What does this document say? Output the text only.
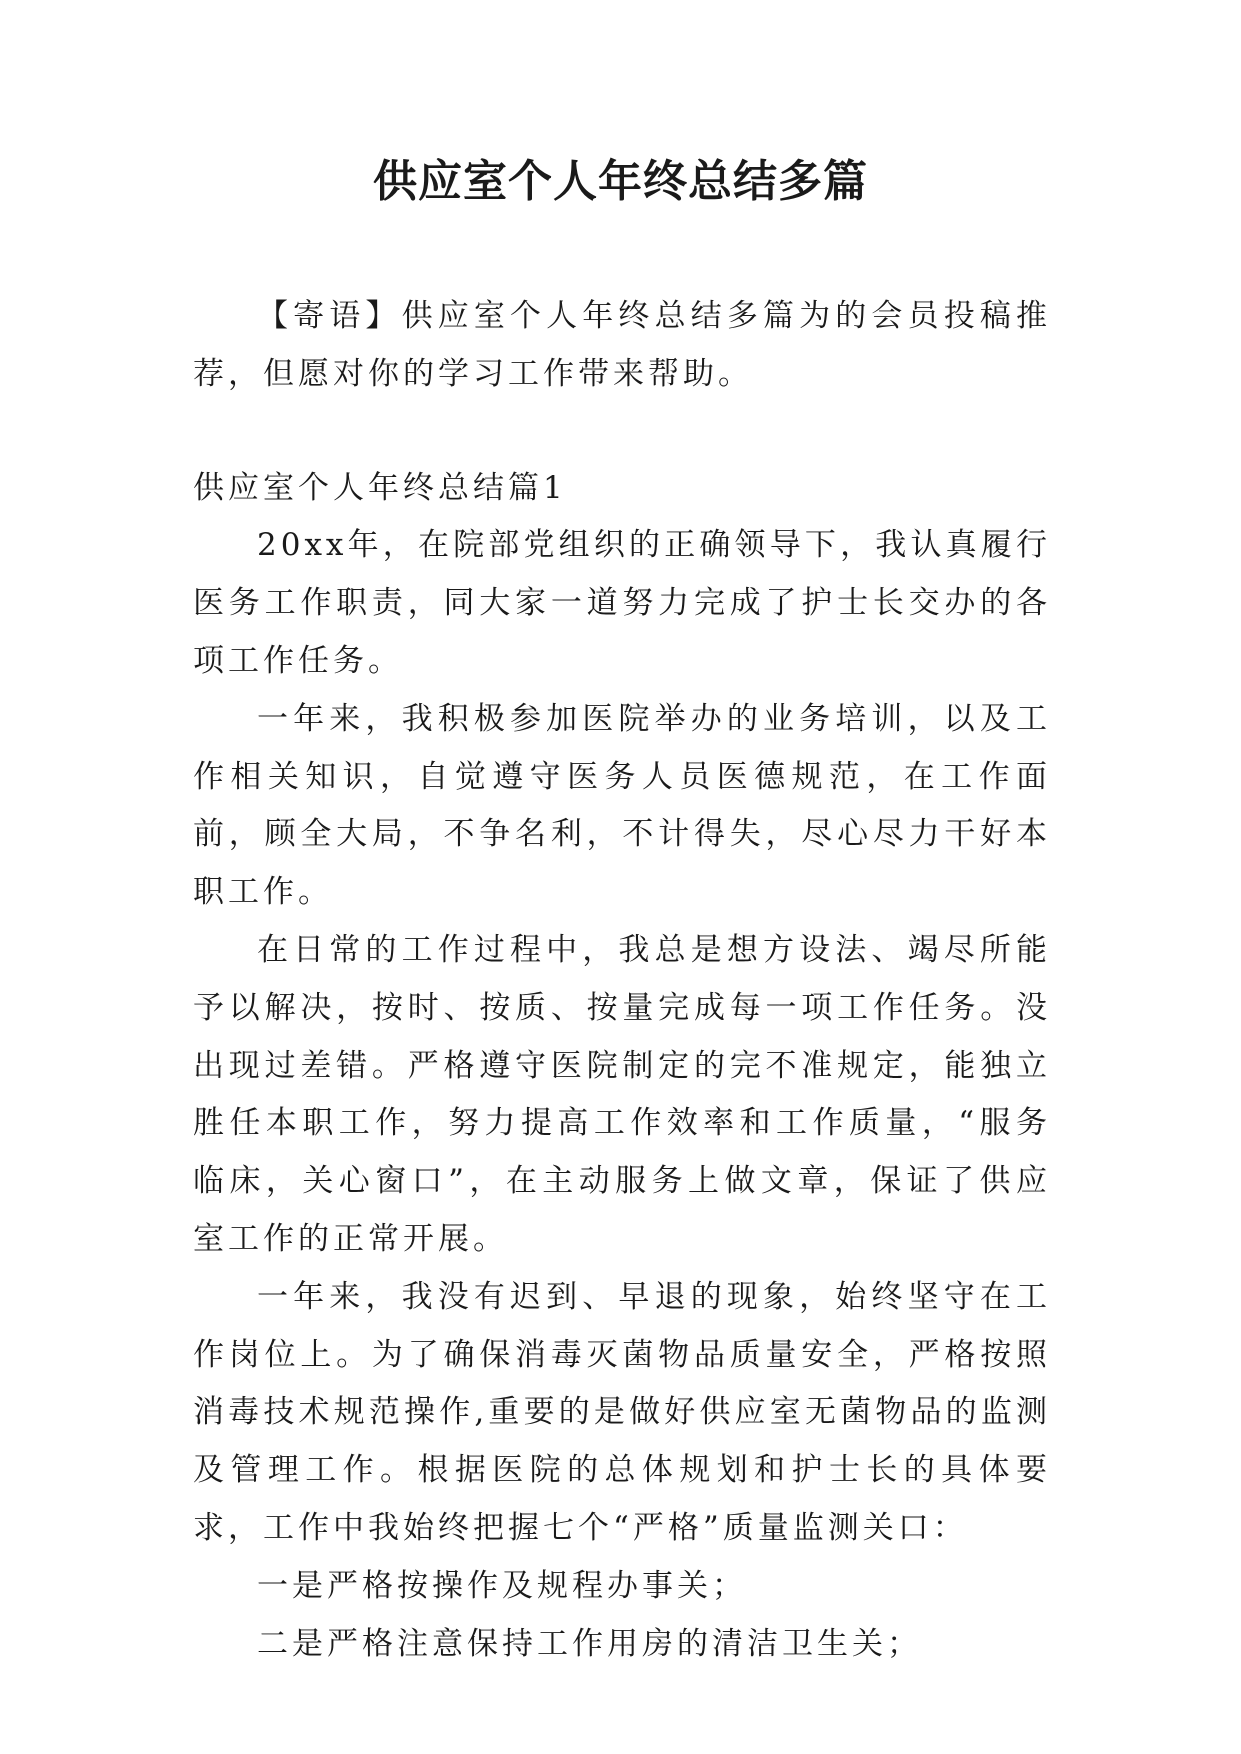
供应室个人年终总结多篇

【寄语】供应室个人年终总结多篇为的会员投稿推荐，但愿对你的学习工作带来帮助。

供应室个人年终总结篇1

20xx年，在院部党组织的正确领导下，我认真履行医务工作职责，同大家一道努力完成了护士长交办的各项工作任务。

一年来，我积极参加医院举办的业务培训，以及工作相关知识，自觉遵守医务人员医德规范，在工作面前，顾全大局，不争名利，不计得失，尽心尽力干好本职工作。

在日常的工作过程中，我总是想方设法、竭尽所能予以解决，按时、按质、按量完成每一项工作任务。没出现过差错。严格遵守医院制定的完不准规定，能独立胜任本职工作，努力提高工作效率和工作质量，“服务临床，关心窗口”，在主动服务上做文章，保证了供应室工作的正常开展。

一年来，我没有迟到、早退的现象，始终坚守在工作岗位上。为了确保消毒灭菌物品质量安全，严格按照消毒技术规范操作,重要的是做好供应室无菌物品的监测及管理工作。根据医院的总体规划和护士长的具体要求，工作中我始终把握七个“严格”质量监测关口：

一是严格按操作及规程办事关；

二是严格注意保持工作用房的清洁卫生关；
